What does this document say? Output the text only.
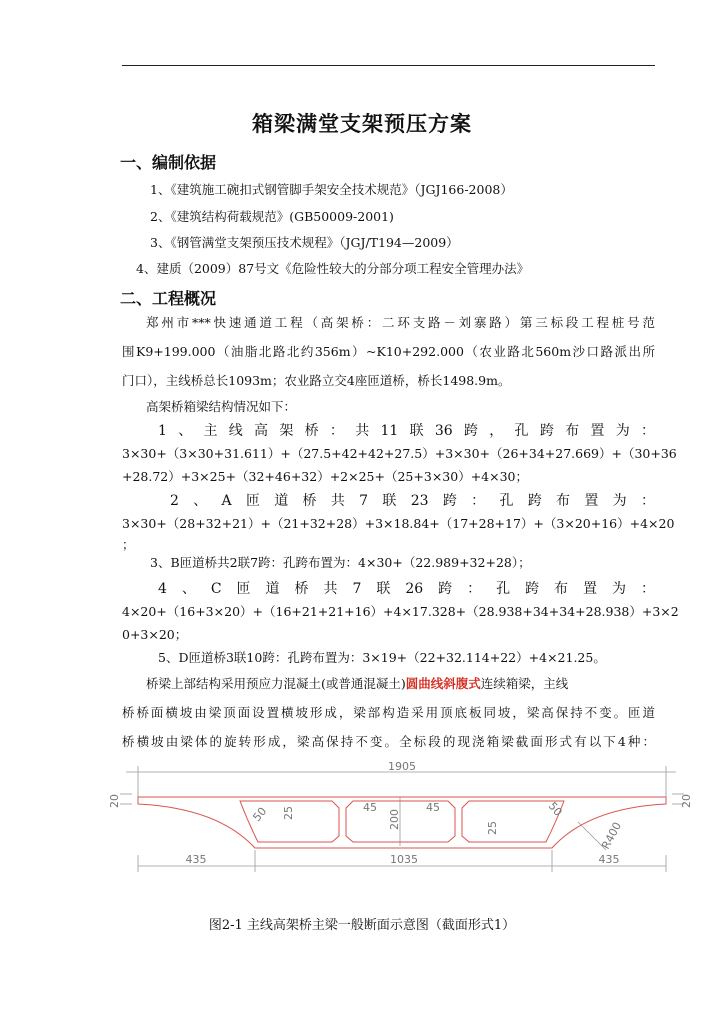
箱梁满堂支架预压方案
一、编制依据
1、《建筑施工碗扣式钢管脚手架安全技术规范》（JGJ166-2008）
2、《建筑结构荷载规范》(GB50009-2001)
3、《钢管满堂支架预压技术规程》（JGJ/T194—2009）
4、建质（2009）87号文《危险性较大的分部分项工程安全管理办法》
二、工程概况
郑州市***快速通道工程（高架桥：二环支路－刘寨路）第三标段工程桩号范
围K9+199.000（油脂北路北约356m）~K10+292.000（农业路北560m沙口路派出所
门口），主线桥总长1093m；农业路立交4座匝道桥，桥长1498.9m。
高架桥箱梁结构情况如下：
1、主线高架桥：共11联36跨，孔跨布置为：
3×30+（3×30+31.611）+（27.5+42+42+27.5）+3×30+（26+34+27.669）+（30+36
+28.72）+3×25+（32+46+32）+2×25+（25+3×30）+4×30；
2、A匝道桥共7联23跨：孔跨布置为：
3×30+（28+32+21）+（21+32+28）+3×18.84+（17+28+17）+（3×20+16）+4×20
；
3、B匝道桥共2联7跨：孔跨布置为：4×30+（22.989+32+28）；
4、C匝道桥共7联26跨：孔跨布置为：
4×20+（16+3×20）+（16+21+21+16）+4×17.328+（28.938+34+34+28.938）+3×2
0+3×20；
5、D匝道桥3联10跨：孔跨布置为：3×19+（22+32.114+22）+4×21.25。
桥梁上部结构采用预应力混凝土(或普通混凝土)圆曲线斜腹式连续箱梁，主线
桥桥面横坡由梁顶面设置横坡形成，梁部构造采用顶底板同坡，梁高保持不变。匝道
桥横坡由梁体的旋转形成，梁高保持不变。全标段的现浇箱梁截面形式有以下4种：
1905
435	1035	435
20	20
200
25
25
50	50
45	45
R400
图2-1 主线高架桥主梁一般断面示意图（截面形式1）
